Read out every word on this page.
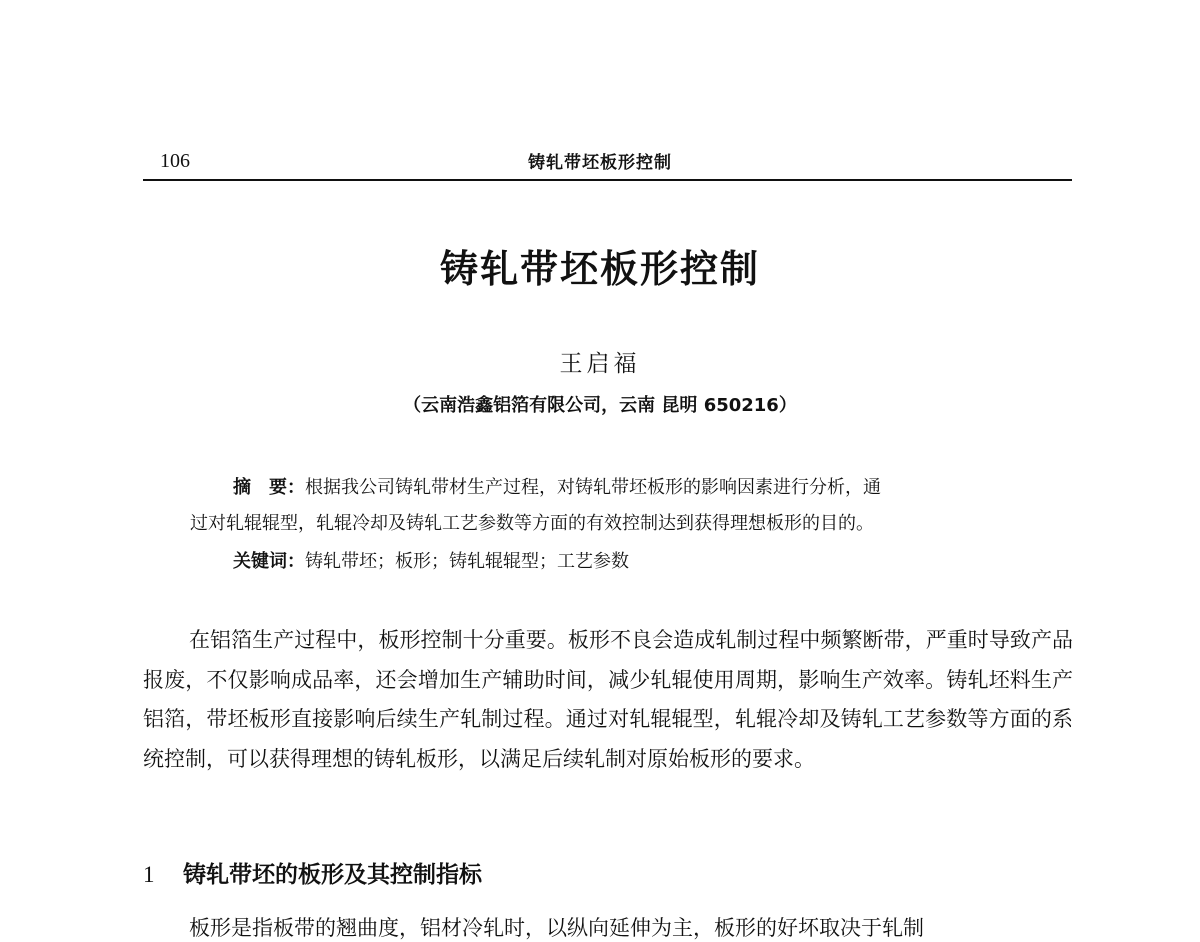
106	铸轧带坯板形控制
铸轧带坯板形控制
王启福
（云南浩鑫铝箔有限公司，云南 昆明 650216）
摘　要：根据我公司铸轧带材生产过程，对铸轧带坯板形的影响因素进行分析，通
过对轧辊辊型，轧辊冷却及铸轧工艺参数等方面的有效控制达到获得理想板形的目的。
关键词：铸轧带坯；板形；铸轧辊辊型；工艺参数
在铝箔生产过程中，板形控制十分重要。板形不良会造成轧制过程中频繁断带，严重时导致产品报废，不仅影响成品率，还会增加生产辅助时间，减少轧辊使用周期，影响生产效率。铸轧坯料生产铝箔，带坯板形直接影响后续生产轧制过程。通过对轧辊辊型，轧辊冷却及铸轧工艺参数等方面的系统控制，可以获得理想的铸轧板形，以满足后续轧制对原始板形的要求。
1 铸轧带坯的板形及其控制指标
板形是指板带的翘曲度，铝材冷轧时，以纵向延伸为主，板形的好坏取决于轧制
